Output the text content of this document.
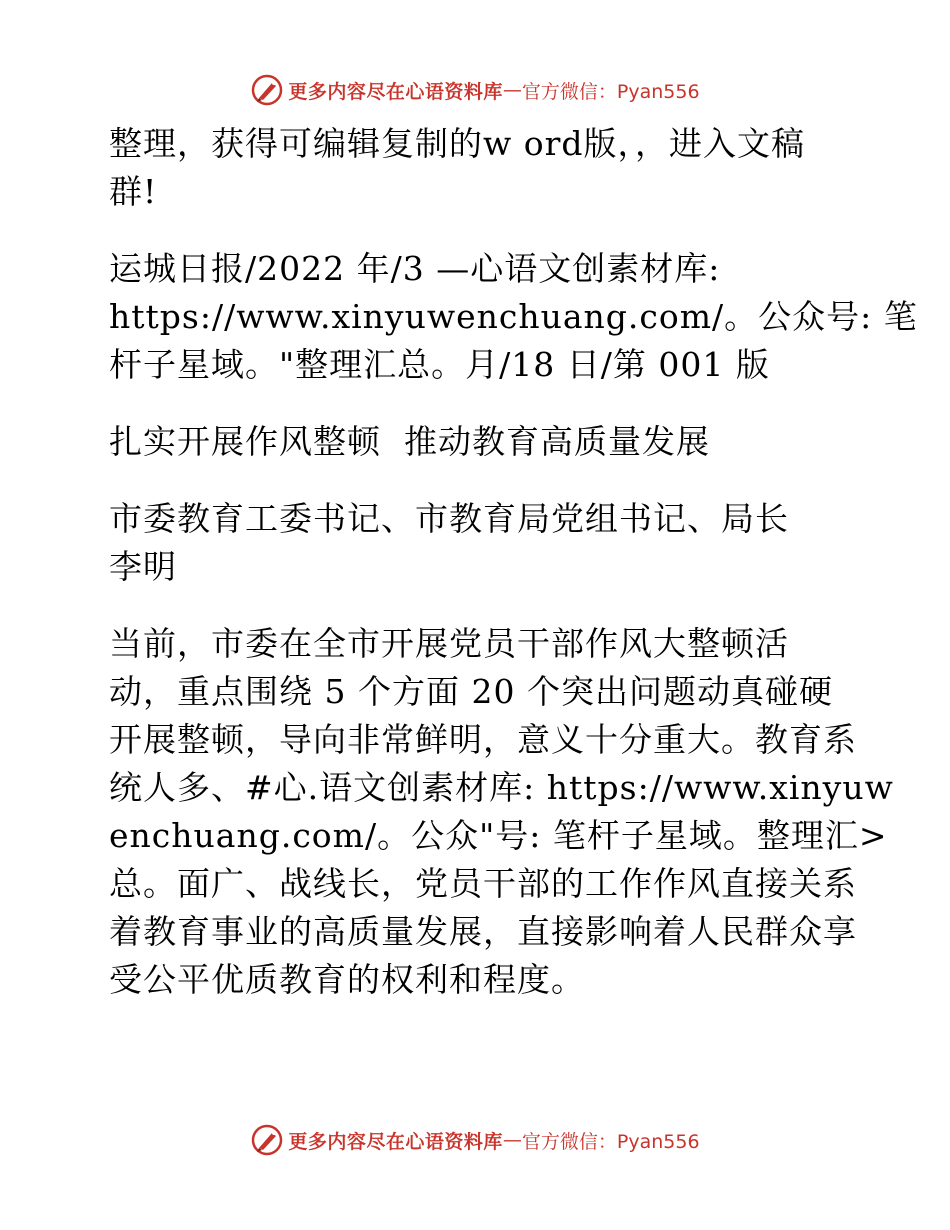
更多内容尽在心语资料库 — 官方微信：Pyan556

整理，获得可编辑复制的w ord版，，进入文稿
群!

运城日报/2022 年/3 —心语文创素材库:
https://www.xinyuwenchuang.com/。公众号: 笔
杆子星域。"整理汇总。月/18 日/第 001 版

扎实开展作风整顿  推动教育高质量发展

市委教育工委书记、市教育局党组书记、局长
李明

当前，市委在全市开展党员干部作风大整顿活
动，重点围绕 5 个方面 20 个突出问题动真碰硬
开展整顿，导向非常鲜明，意义十分重大。教育系
统人多、#心.语文创素材库: https://www.xinyuw
enchuang.com/。公众"号: 笔杆子星域。整理汇>
总。面广、战线长，党员干部的工作作风直接关系
着教育事业的高质量发展，直接影响着人民群众享
受公平优质教育的权利和程度。

更多内容尽在心语资料库 — 官方微信：Pyan556
